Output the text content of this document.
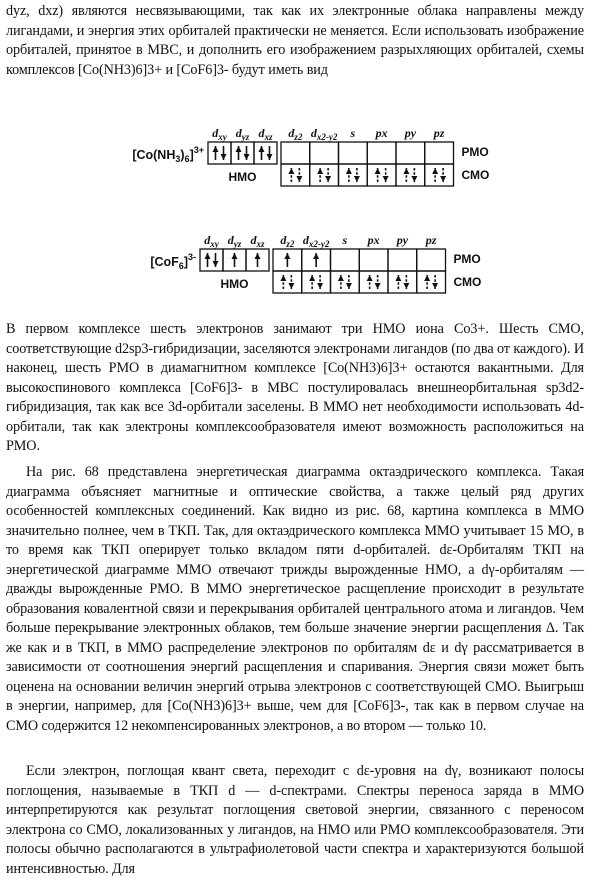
dyz, dxz) являются несвязывающими, так как их электронные облака направлены между лигандами, и энергия этих орбиталей практически не меняется. Если использовать изображение орбиталей, принятое в МВС, и дополнить его изображением разрыхляющих орбиталей, схемы комплексов [Co(NH3)6]3+ и [CoF6]3- будут иметь вид

$[Co(NH_3)_6]^{3+}$
$d_{xy}$ $d_{yz}$ $d_{xz}$
НМО
$d_{z2}$ $d_{x2-y2}$ s px py pz
РМО
СМО
$[CoF_6]^{3-}$
$d_{xy}$ $d_{yz}$ $d_{xz}$
НМО
$d_{z2}$ $d_{x2-y2}$ s px py pz
РМО
СМО

В первом комплексе шесть электронов занимают три НМО иона Co3+. Шесть СМО, соответствующие d2sp3-гибридизации, заселяются электронами лигандов (по два от каждого). И наконец, шесть РМО в диамагнитном комплексе [Co(NH3)6]3+ остаются вакантными. Для высокоспинового комплекса [CoF6]3- в МВС постулировалась внешнеорбитальная sp3d2-гибридизация, так как все 3d-орбитали заселены. В ММО нет необходимости использовать 4d-орбитали, так как электроны комплексообразователя имеют возможность расположиться на РМО.

На рис. 68 представлена энергетическая диаграмма октаэдрического комплекса. Такая диаграмма объясняет магнитные и оптические свойства, а также целый ряд других особенностей комплексных соединений. Как видно из рис. 68, картина комплекса в ММО значительно полнее, чем в ТКП. Так, для октаэдрического комплекса ММО учитывает 15 МО, в то время как ТКП оперирует только вкладом пяти d-орбиталей. dε-Орбиталям ТКП на энергетической диаграмме ММО отвечают трижды вырожденные НМО, а dγ-орбиталям — дважды вырожденные РМО. В ММО энергетическое расщепление происходит в результате образования ковалентной связи и перекрывания орбиталей центрального атома и лигандов. Чем больше перекрывание электронных облаков, тем больше значение энергии расщепления Δ. Так же как и в ТКП, в ММО распределение электронов по орбиталям dε и dγ рассматривается в зависимости от соотношения энергий расщепления и спаривания. Энергия связи может быть оценена на основании величин энергий отрыва электронов с соответствующей СМО. Выигрыш в энергии, например, для [Co(NH3)6]3+ выше, чем для [CoF6]3-, так как в первом случае на СМО содержится 12 некомпенсированных электронов, а во втором — только 10.

Если электрон, поглощая квант света, переходит с dε-уровня на dγ, возникают полосы поглощения, называемые в ТКП d — d-спектрами. Спектры переноса заряда в ММО интерпретируются как результат поглощения световой энергии, связанного с переносом электрона со СМО, локализованных у лигандов, на НМО или РМО комплексообразователя. Эти полосы обычно располагаются в ультрафиолетовой части спектра и характеризуются большой интенсивностью. Для
